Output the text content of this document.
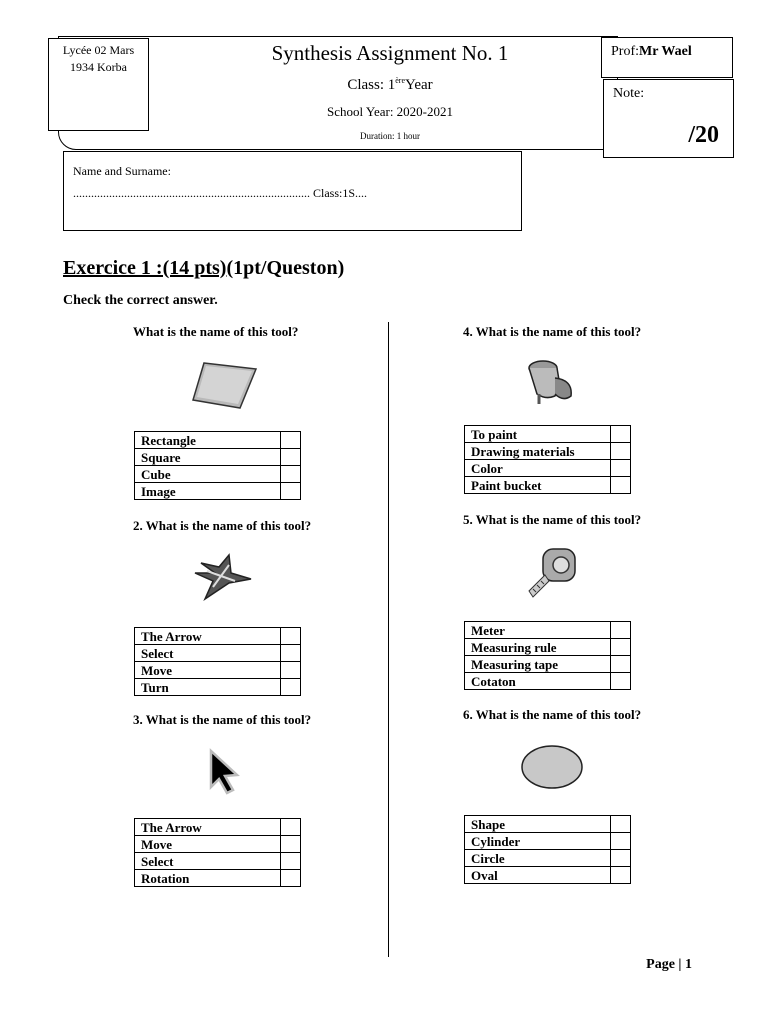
Lycée 02 Mars
1934 Korba
Synthesis Assignment No. 1
Class: 1èreYear
School Year: 2020-2021
Duration: 1 hour
Prof:Mr Wael
Note:
/20
Name and Surname:
............................................................................... Class:1S....
Exercice 1 :(14 pts)(1pt/Queston)
Check the correct answer.
What is the name of this tool?
Rectangle	
Square	
Cube	
Image	
2. What is the name of this tool?
The Arrow	
Select	
Move	
Turn	
3. What is the name of this tool?
The Arrow	
Move	
Select	
Rotation	
4. What is the name of this tool?
To paint	
Drawing materials	
Color	
Paint bucket	
5. What is the name of this tool?
Meter	
Measuring rule	
Measuring tape	
Cotaton	
6. What is the name of this tool?
Shape	
Cylinder	
Circle	
Oval	
Page | 1
